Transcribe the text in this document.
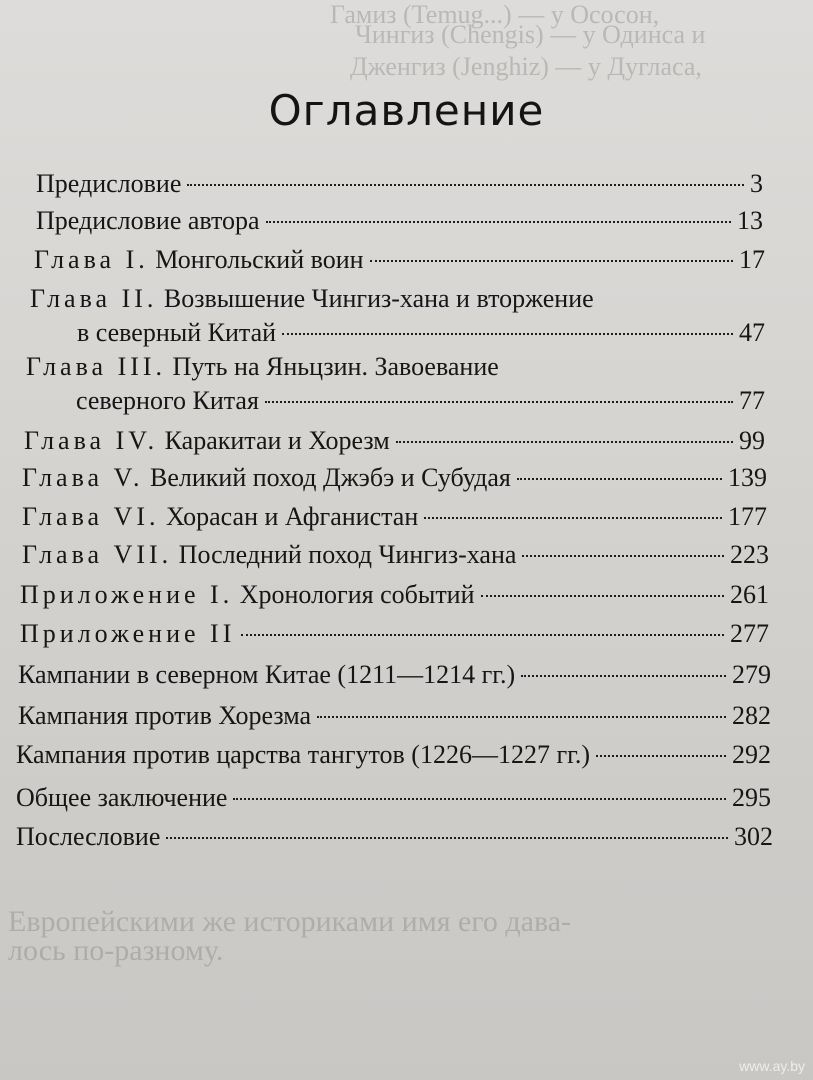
Гамиз (Temug...) — у Ососон,
Чингиз (Chengis) — у Одинса и
Дженгиз (Jenghiz) — у Дугласа,
Оглавление
Предисловие	3
Предисловие автора	13
Глава I.
Монгольский воин	17
Глава II.
Возвышение Чингиз-хана и вторжение
в северный Китай	47
Глава III.
Путь на Яньцзин. Завоевание
северного Китая	77
Глава IV.
Каракитаи и Хорезм	99
Глава V.
Великий поход Джэбэ и Субудая	139
Глава VI.
Хорасан и Афганистан	177
Глава VII.
Последний поход Чингиз-хана	223
Приложение I.
Хронология событий	261
Приложение II	277
Кампании в северном Китае (1211—1214 гг.)	279
Кампания против Хорезма	282
Кампания против царства тангутов (1226—1227 гг.)	292
Общее заключение	295
Послесловие	302
Европейскими же историками имя его дава-
лось по-разному.
www.ay.by
